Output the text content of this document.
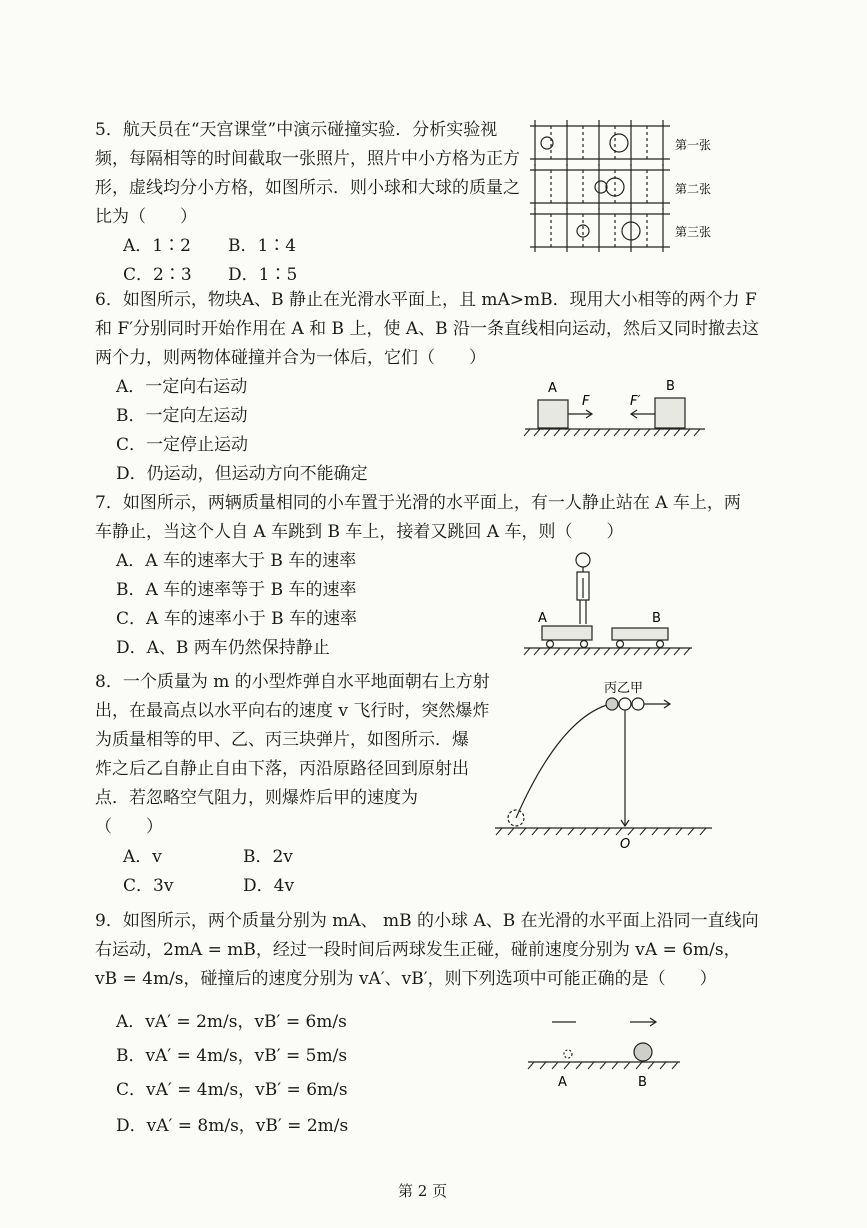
5．航天员在“天宫课堂”中演示碰撞实验．分析实验视
频，每隔相等的时间截取一张照片，照片中小方格为正方
形，虚线均分小方格，如图所示．则小球和大球的质量之
比为（　　）
A．1∶2 B．1∶4
C．2∶3 D．1∶5
第一张
第二张
第三张
6．如图所示，物块A、B 静止在光滑水平面上，且 mA>mB．现用大小相等的两个力 F
和 F′分别同时开始作用在 A 和 B 上，使 A、B 沿一条直线相向运动，然后又同时撤去这
两个力，则两物体碰撞并合为一体后，它们（　　）
A．一定向右运动
B．一定向左运动
C．一定停止运动
D．仍运动，但运动方向不能确定
A	B
F	F′
7．如图所示，两辆质量相同的小车置于光滑的水平面上，有一人静止站在 A 车上，两
车静止，当这个人自 A 车跳到 B 车上，接着又跳回 A 车，则（　　）
A．A 车的速率大于 B 车的速率
B．A 车的速率等于 B 车的速率
C．A 车的速率小于 B 车的速率
D．A、B 两车仍然保持静止
A	B
8．一个质量为 m 的小型炸弹自水平地面朝右上方射
出，在最高点以水平向右的速度 v 飞行时，突然爆炸
为质量相等的甲、乙、丙三块弹片，如图所示．爆
炸之后乙自静止自由下落，丙沿原路径回到原射出
点．若忽略空气阻力，则爆炸后甲的速度为
（　　）
A．v	B．2v
C．3v	D．4v
丙乙甲
O
9．如图所示，两个质量分别为 mA、 mB 的小球 A、B 在光滑的水平面上沿同一直线向
右运动，2mA = mB，经过一段时间后两球发生正碰，碰前速度分别为 vA = 6m/s，
vB = 4m/s，碰撞后的速度分别为 vA′、vB′，则下列选项中可能正确的是（　　）
A．vA′ = 2m/s，vB′ = 6m/s
B．vA′ = 4m/s，vB′ = 5m/s
C．vA′ = 4m/s，vB′ = 6m/s
D．vA′ = 8m/s，vB′ = 2m/s
A	B
第 2 页
